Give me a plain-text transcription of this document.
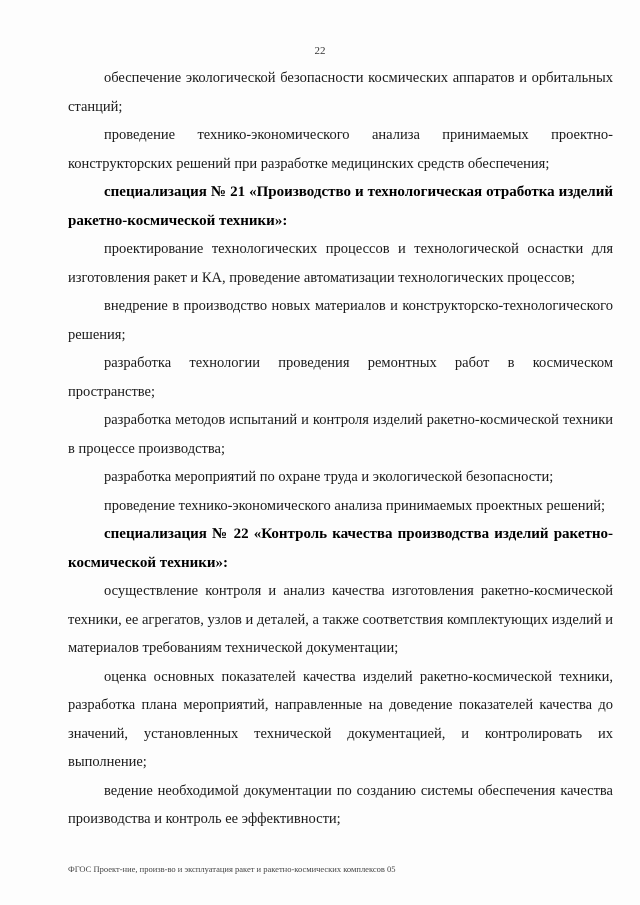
22

обеспечение экологической безопасности космических аппаратов и орбитальных станций;

проведение технико-экономического анализа принимаемых проектно-конструкторских решений при разработке медицинских средств обеспечения;

специализация № 21 «Производство и технологическая отработка изделий ракетно-космической техники»:

проектирование технологических процессов и технологической оснастки для изготовления ракет и КА, проведение автоматизации технологических процессов;

внедрение в производство новых материалов и конструкторско-технологического решения;

разработка технологии проведения ремонтных работ в космическом пространстве;

разработка методов испытаний и контроля изделий ракетно-космической техники в процессе производства;

разработка мероприятий по охране труда и экологической безопасности;

проведение технико-экономического анализа принимаемых проектных решений;

специализация № 22 «Контроль качества производства изделий ракетно-космической техники»:

осуществление контроля и анализ качества изготовления ракетно-космической техники, ее агрегатов, узлов и деталей, а также соответствия комплектующих изделий и материалов требованиям технической документации;

оценка основных показателей качества изделий ракетно-космической техники, разработка плана мероприятий, направленные на доведение показателей качества до значений, установленных технической документацией, и контролировать их выполнение;

ведение необходимой документации по созданию системы обеспечения качества производства и контроль ее эффективности;

ФГОС Проект-ние, произв-во и эксплуатация ракет и ракетно-космических комплексов 05
